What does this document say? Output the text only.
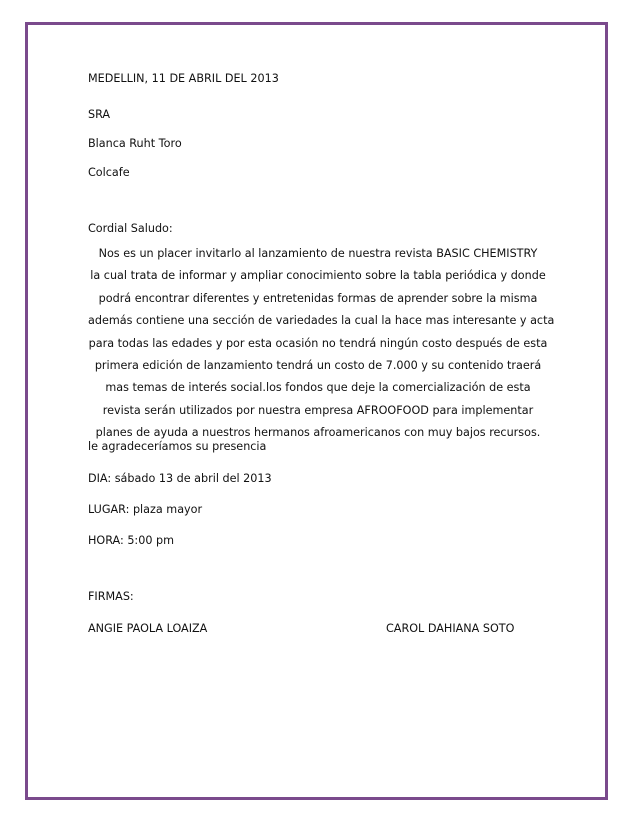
MEDELLIN, 11 DE ABRIL DEL 2013
SRA
Blanca Ruht Toro
Colcafe
Cordial Saludo:
Nos es un placer invitarlo al lanzamiento de nuestra revista BASIC CHEMISTRY
la cual trata de informar y ampliar conocimiento sobre la tabla periódica y donde
podrá encontrar diferentes y entretenidas formas de aprender sobre la misma
además contiene una sección de variedades la cual la hace mas interesante y acta
para todas las edades y por esta ocasión no tendrá ningún costo después de esta
primera edición de lanzamiento tendrá un costo de 7.000 y su contenido traerá
mas temas de interés social.los fondos que deje la comercialización de esta
revista serán utilizados por nuestra empresa AFROOFOOD para implementar
planes de ayuda a nuestros hermanos afroamericanos con muy bajos recursos.
le agradeceríamos su presencia
DIA: sábado 13 de abril del 2013
LUGAR: plaza mayor
HORA: 5:00 pm
FIRMAS:
ANGIE PAOLA LOAIZA	CAROL DAHIANA SOTO
